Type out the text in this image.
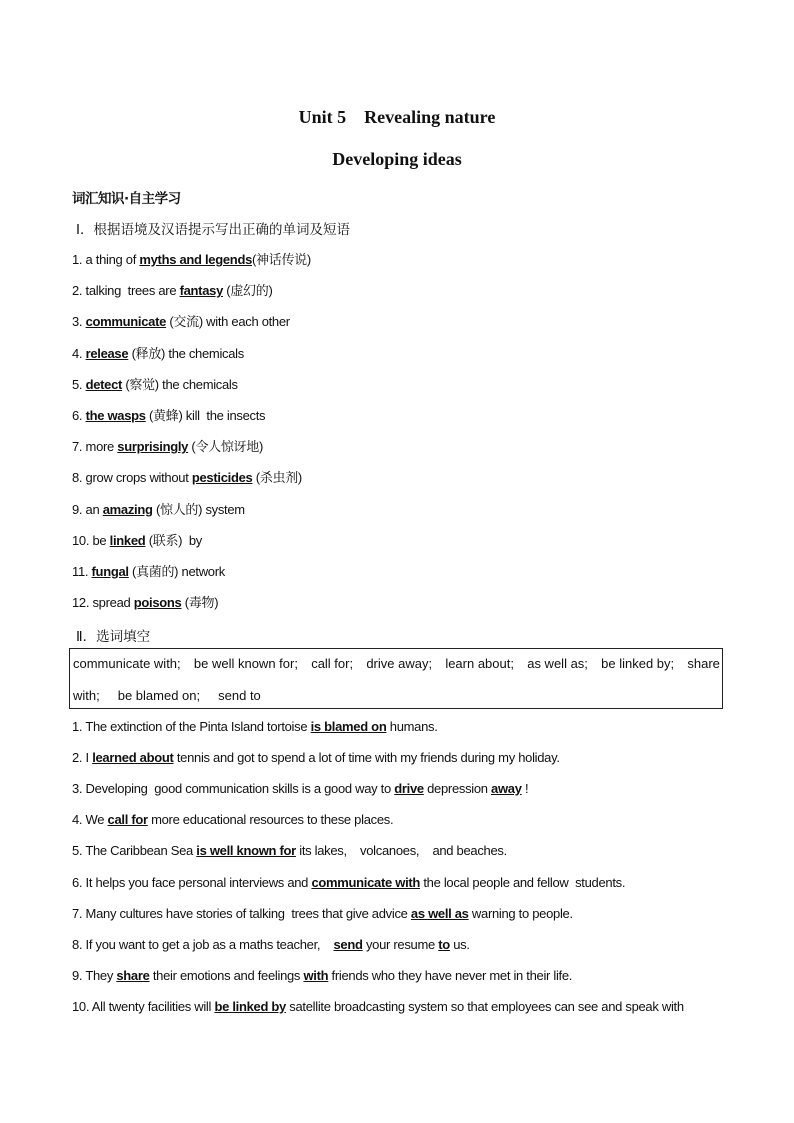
Unit 5    Revealing nature
Developing ideas
词汇知识·自主学习
Ⅰ．根据语境及汉语提示写出正确的单词及短语
1. a thing of myths and legends(神话传说)
2. talking  trees are fantasy (虚幻的)
3. communicate (交流) with each other
4. release (释放) the chemicals
5. detect (察觉) the chemicals
6. the wasps (黄蜂) kill  the insects
7. more surprisingly (令人惊讶地)
8. grow crops without pesticides (杀虫剂)
9. an amazing (惊人的) system
10. be linked (联系)  by
11. fungal (真菌的) network
12. spread poisons (毒物)
Ⅱ．选词填空
communicate with; be well known for; call for; drive away; learn about; as well as; be linked by; share
with; be blamed on; send to
1. The extinction of the Pinta Island tortoise is blamed on humans.
2. I learned about tennis and got to spend a lot of time with my friends during my holiday.
3. Developing  good communication skills is a good way to drive depression away !
4. We call for more educational resources to these places.
5. The Caribbean Sea is well known for its lakes,    volcanoes,    and beaches.
6. It helps you face personal interviews and communicate with the local people and fellow  students.
7. Many cultures have stories of talking  trees that give advice as well as warning to people.
8. If you want to get a job as a maths teacher,    send your resume to us.
9. They share their emotions and feelings with friends who they have never met in their life.
10. All twenty facilities will be linked by satellite broadcasting system so that employees can see and speak with
